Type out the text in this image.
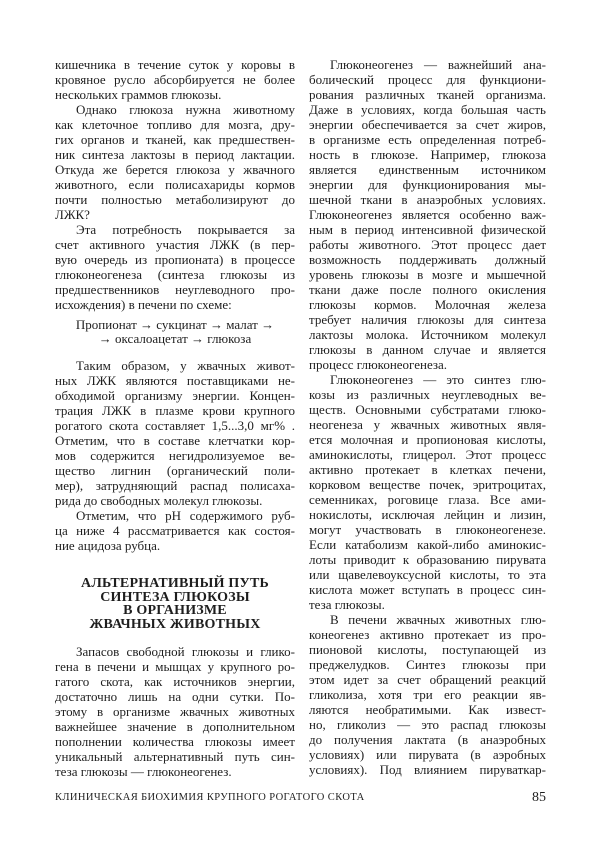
кишечника в течение суток у коровы в
кровяное русло абсорбируется не более
нескольких граммов глюкозы.
Однако глюкоза нужна животному
как клеточное топливо для мозга, дру-
гих органов и тканей, как предшествен-
ник синтеза лактозы в период лактации.
Откуда же берется глюкоза у жвачного
животного, если полисахариды кормов
почти полностью метаболизируют до
ЛЖК?
Эта потребность покрывается за
счет активного участия ЛЖК (в пер-
вую очередь из пропионата) в процессе
глюконеогенеза (синтеза глюкозы из
предшественников неуглеводного про-
исхождения) в печени по схеме:
Пропионат → сукцинат → малат →
→ оксалоацетат → глюкоза
Таким образом, у жвачных живот-
ных ЛЖК являются поставщиками не-
обходимой организму энергии. Концен-
трация ЛЖК в плазме крови крупного
рогатого скота составляет 1,5...3,0 мг% .
Отметим, что в составе клетчатки кор-
мов содержится негидролизуемое ве-
щество лигнин (органический поли-
мер), затрудняющий распад полисаха-
рида до свободных молекул глюкозы.
Отметим, что pH содержимого руб-
ца ниже 4 рассматривается как состоя-
ние ацидоза рубца.
АЛЬТЕРНАТИВНЫЙ ПУТЬ
СИНТЕЗА ГЛЮКОЗЫ
В ОРГАНИЗМЕ
ЖВАЧНЫХ ЖИВОТНЫХ
Запасов свободной глюкозы и глико-
гена в печени и мышцах у крупного ро-
гатого скота, как источников энергии,
достаточно лишь на одни сутки. По-
этому в организме жвачных животных
важнейшее значение в дополнительном
пополнении количества глюкозы имеет
уникальный альтернативный путь син-
теза глюкозы — глюконеогенез.
Глюконеогенез — важнейший ана-
болический процесс для функциони-
рования различных тканей организма.
Даже в условиях, когда большая часть
энергии обеспечивается за счет жиров,
в организме есть определенная потреб-
ность в глюкозе. Например, глюкоза
является единственным источником
энергии для функционирования мы-
шечной ткани в анаэробных условиях.
Глюконеогенез является особенно важ-
ным в период интенсивной физической
работы животного. Этот процесс дает
возможность поддерживать должный
уровень глюкозы в мозге и мышечной
ткани даже после полного окисления
глюкозы кормов. Молочная железа
требует наличия глюкозы для синтеза
лактозы молока. Источником молекул
глюкозы в данном случае и является
процесс глюконеогенеза.
Глюконеогенез — это синтез глю-
козы из различных неуглеводных ве-
ществ. Основными субстратами глюко-
неогенеза у жвачных животных явля-
ется молочная и пропионовая кислоты,
аминокислоты, глицерол. Этот процесс
активно протекает в клетках печени,
корковом веществе почек, эритроцитах,
семенниках, роговице глаза. Все ами-
нокислоты, исключая лейцин и лизин,
могут участвовать в глюконеогенезе.
Если катаболизм какой-либо аминокис-
лоты приводит к образованию пирувата
или щавелевоуксусной кислоты, то эта
кислота может вступать в процесс син-
теза глюкозы.
В печени жвачных животных глю-
конеогенез активно протекает из про-
пионовой кислоты, поступающей из
преджелудков. Синтез глюкозы при
этом идет за счет обращений реакций
гликолиза, хотя три его реакции яв-
ляются необратимыми. Как извест-
но, гликолиз — это распад глюкозы
до получения лактата (в анаэробных
условиях) или пирувата (в аэробных
условиях). Под влиянием пируваткар-
КЛИНИЧЕСКАЯ БИОХИМИЯ КРУПНОГО РОГАТОГО СКОТА	85
